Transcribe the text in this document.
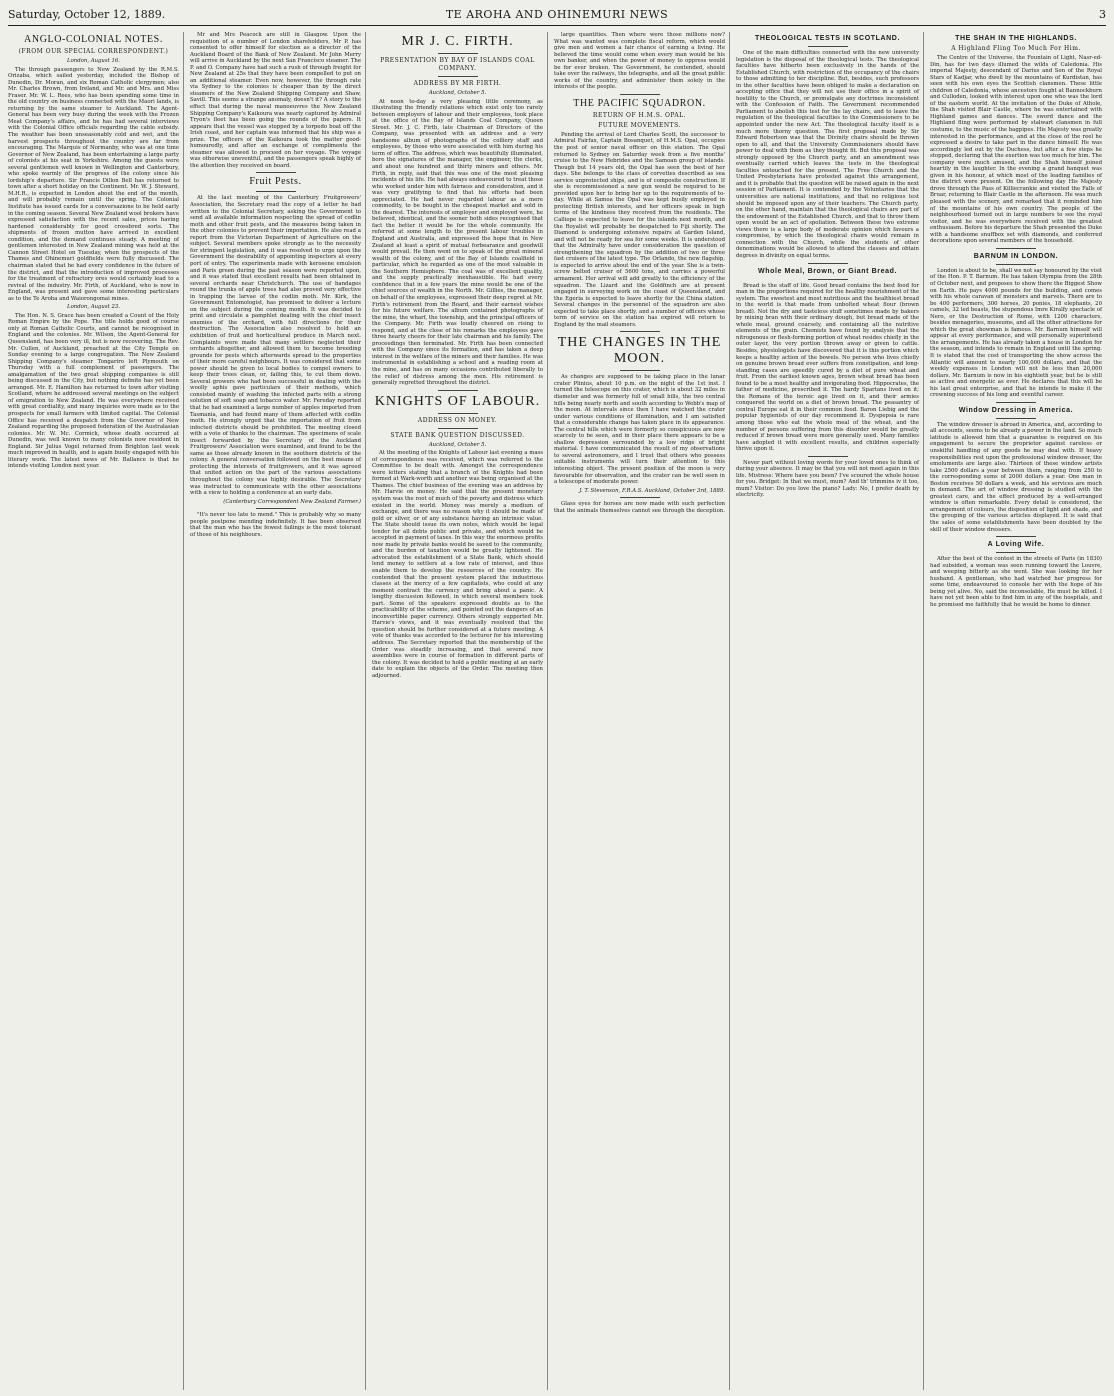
Saturday, October 12, 1889.	TE AROHA AND OHINEMURI NEWS	3
ANGLO-COLONIAL NOTES.
(FROM OUR SPECIAL CORRESPONDENT.)
London, August 16.

The through passengers to New Zealand by the R.M.S. Orizaba, which sailed yesterday, included the Bishop of Dunedin, Dr. Moran, and six Roman Catholic clergymen; also Mr. Charles Brown, from Ireland, and Mr. and Mrs. and Miss Fraser. Mr. W. L. Rees, who has been spending some time in the old country on business connected with the Maori lands, is returning by the same steamer to Auckland. The Agent-General has been very busy during the week with the Frozen Meat Company's affairs, and he has had several interviews with the Colonial Office officials regarding the cable subsidy. The weather has been unseasonably cold and wet, and the harvest prospects throughout the country are far from encouraging. The Marquis of Normanby, who was at one time Governor of New Zealand, has been entertaining a large party of colonists at his seat in Yorkshire. Among the guests were several gentlemen well known in Wellington and Canterbury, who spoke warmly of the progress of the colony since his lordship's departure. Sir Francis Dillon Bell has returned to town after a short holiday on the Continent. Mr. W. J. Steward, M.H.R., is expected in London about the end of the month, and will probably remain until the spring. The Colonial Institute has issued cards for a conversazione to be held early in the coming season. Several New Zealand wool brokers have expressed satisfaction with the recent sales, prices having hardened considerably for good crossbred sorts. The shipments of frozen mutton have arrived in excellent condition, and the demand continues steady. A meeting of gentlemen interested in New Zealand mining was held at the Cannon Street Hotel on Tuesday, when the prospects of the Thames and Ohinemuri goldfields were fully discussed. The chairman stated that he had every confidence in the future of the district, and that the introduction of improved processes for the treatment of refractory ores would certainly lead to a revival of the industry. Mr. Firth, of Auckland, who is now in England, was present and gave some interesting particulars as to the Te Aroha and Waiorongomai mines.

London, August 23.

The Hon. N. S. Grace has been created a Count of the Holy Roman Empire by the Pope. The title holds good of course only at Roman Catholic Courts, and cannot be recognised in England and the colonies. Mr. Wilson, the Agent-General for Queensland, has been very ill, but is now recovering. The Rev. Mr. Cullen, of Auckland, preached at the City Temple on Sunday evening to a large congregation. The New Zealand Shipping Company's steamer Tongariro left Plymouth on Thursday with a full complement of passengers. The amalgamation of the two great shipping companies is still being discussed in the City, but nothing definite has yet been arranged. Mr. E. Hamilton has returned to town after visiting Scotland, where he addressed several meetings on the subject of emigration to New Zealand. He was everywhere received with great cordiality, and many inquiries were made as to the prospects for small farmers with limited capital. The Colonial Office has received a despatch from the Governor of New Zealand regarding the proposed federation of the Australasian colonies. Mr. W. Mc. Cormick, whose death occurred at Dunedin, was well known to many colonists now resident in England. Sir Julius Vogel returned from Brighton last week much improved in health, and is again busily engaged with his literary work. The latest news of Mr. Ballance is that he intends visiting London next year.

Mr and Mrs Peacock are still in Glasgow. Upon the requisition of a number of London shareholders, Mr P. has consented to offer himself for election as a director of the Auckland Board of the Bank of New Zealand. Mr John Merry will arrive in Auckland by the next San Francisco steamer. The P. and O. Company have had such a rush of through freight for New Zealand at 25s that they have been compelled to put on an additional steamer. Even now, however, the through rate via Sydney to the colonies is cheaper than by the direct steamers of the New Zealand Shipping Company and Shaw, Savill. This seems a strange anomaly, doesn't it? A story to the effect that during the naval manoeuvres the New Zealand Shipping Company's Kaikoura was nearly captured by Admiral Tryon's fleet has been going the rounds of the papers. It appears that the vessel was stopped by a torpedo boat off the Irish coast, and her captain was informed that his ship was a prize. The officers of the Kaikoura took the matter good-humouredly, and after an exchange of compliments the steamer was allowed to proceed on her voyage. The voyage was otherwise uneventful, and the passengers speak highly of the attention they received on board.

Fruit Pests.

At the last meeting of the Canterbury Fruitgrowers' Association, the Secretary read the copy of a letter he had written to the Colonial Secretary, asking the Government to send all available information respecting the spread of codlin moth and other fruit pests, and the measures being taken in the other colonies to prevent their importation. He also read a report from the Victorian Department of Agriculture on the subject. Several members spoke strongly as to the necessity for stringent legislation, and it was resolved to urge upon the Government the desirability of appointing inspectors at every port of entry. The experiments made with kerosene emulsion and Paris green during the past season were reported upon, and it was stated that excellent results had been obtained in several orchards near Christchurch. The use of bandages round the trunks of apple trees had also proved very effective in trapping the larvae of the codlin moth. Mr. Kirk, the Government Entomologist, has promised to deliver a lecture on the subject during the coming month. It was decided to print and circulate a pamphlet dealing with the chief insect enemies of the orchard, with full directions for their destruction. The Association also resolved to hold an exhibition of fruit and horticultural produce in March next. Complaints were made that many settlers neglected their orchards altogether, and allowed them to become breeding grounds for pests which afterwards spread to the properties of their more careful neighbours. It was considered that some power should be given to local bodies to compel owners to keep their trees clean, or, failing this, to cut them down. Several growers who had been successful in dealing with the woolly aphis gave particulars of their methods, which consisted mainly of washing the infected parts with a strong solution of soft soap and tobacco water. Mr. Fereday reported that he had examined a large number of apples imported from Tasmania, and had found many of them affected with codlin moth. He strongly urged that the importation of fruit from infected districts should be prohibited. The meeting closed with a vote of thanks to the chairman. The specimens of scale insect forwarded by the Secretary of the Auckland Fruitgrowers' Association were examined, and found to be the same as those already known in the southern districts of the colony. A general conversation followed on the best means of protecting the interests of fruitgrowers, and it was agreed that united action on the part of the various associations throughout the colony was highly desirable. The Secretary was instructed to communicate with the other associations with a view to holding a conference at an early date.

(Canterbury Correspondent New Zealand Farmer.)

"It's never too late to mend." This is probably why so many people postpone mending indefinitely. It has been observed that the man who has the fewest failings is the most tolerant of those of his neighbours.

MR J. C. FIRTH.
PRESENTATION BY BAY OF ISLANDS COAL COMPANY.
ADDRESS BY MR FIRTH.
Auckland, October 5.

At noon to-day a very pleasing little ceremony, as illustrating the friendly relations which exist only too rarely between employers of labour and their employees, took place at the office of the Bay of Islands Coal Company, Queen Street. Mr. J. C. Firth, late Chairman of Directors of the Company, was presented with an address and a very handsome album of photographs of the colliery staff and employees, by those who were associated with him during his term of office. The address, which was beautifully illuminated, bore the signatures of the manager, the engineer, the clerks, and about one hundred and thirty miners and others. Mr. Firth, in reply, said that this was one of the most pleasing incidents of his life. He had always endeavoured to treat those who worked under him with fairness and consideration, and it was very gratifying to find that his efforts had been appreciated. He had never regarded labour as a mere commodity, to be bought in the cheapest market and sold in the dearest. The interests of employer and employed were, he believed, identical, and the sooner both sides recognised that fact the better it would be for the whole community. He referred at some length to the present labour troubles in England and Australia, and expressed the hope that in New Zealand at least a spirit of mutual forbearance and goodwill would prevail. He then went on to speak of the great mineral wealth of the colony, and of the Bay of Islands coalfield in particular, which he regarded as one of the most valuable in the Southern Hemisphere. The coal was of excellent quality, and the supply practically inexhaustible. He had every confidence that in a few years the mine would be one of the chief sources of wealth in the North. Mr. Gillies, the manager, on behalf of the employees, expressed their deep regret at Mr. Firth's retirement from the Board, and their earnest wishes for his future welfare. The album contained photographs of the mine, the wharf, the township, and the principal officers of the Company. Mr. Firth was loudly cheered on rising to respond, and at the close of his remarks the employees gave three hearty cheers for their late chairman and his family. The proceedings then terminated. Mr. Firth has been connected with the Company since its formation, and has taken a deep interest in the welfare of the miners and their families. He was instrumental in establishing a school and a reading room at the mine, and has on many occasions contributed liberally to the relief of distress among the men. His retirement is generally regretted throughout the district.

KNIGHTS OF LABOUR.
ADDRESS ON MONEY.
STATE BANK QUESTION DISCUSSED.
Auckland, October 5.

At the meeting of the Knights of Labour last evening a mass of correspondence was received, which was referred to the Committee to be dealt with. Amongst the correspondence were letters stating that a branch of the Knights had been formed at Wark-worth and another was being organised at the Thames. The chief business of the evening was an address by Mr. Harvie on money. He said that the present monetary system was the root of much of the poverty and distress which existed in the world. Money was merely a medium of exchange, and there was no reason why it should be made of gold or silver, or of any substance having an intrinsic value. The State should issue its own notes, which would be legal tender for all debts public and private, and which would be accepted in payment of taxes. In this way the enormous profits now made by private banks would be saved to the community, and the burden of taxation would be greatly lightened. He advocated the establishment of a State Bank, which should lend money to settlers at a low rate of interest, and thus enable them to develop the resources of the country. He contended that the present system placed the industrious classes at the mercy of a few capitalists, who could at any moment contract the currency and bring about a panic. A lengthy discussion followed, in which several members took part. Some of the speakers expressed doubts as to the practicability of the scheme, and pointed out the dangers of an inconvertible paper currency. Others strongly supported Mr. Harvie's views, and it was eventually resolved that the question should be further considered at a future meeting. A vote of thanks was accorded to the lecturer for his interesting address. The Secretary reported that the membership of the Order was steadily increasing, and that several new assemblies were in course of formation in different parts of the colony. It was decided to hold a public meeting at an early date to explain the objects of the Order. The meeting then adjourned.

large quantities. Then where were those millions now? What was wanted was complete fiscal reform, which would give men and women a fair chance of earning a living. He believed the time would come when every man would be his own banker, and when the power of money to oppress would be for ever broken. The Government, he contended, should take over the railways, the telegraphs, and all the great public works of the country, and administer them solely in the interests of the people.

THE PACIFIC SQUADRON.
RETURN OF H.M.S. OPAL.
FUTURE MOVEMENTS.

Pending the arrival of Lord Charles Scott, the successor to Admiral Fairfax, Captain Bosanquet, of H.M.S. Opal, occupies the post of senior naval officer on this station. The Opal returned to Sydney on Saturday week from a five months' cruise to the New Hebrides and the Samoan group of islands. Though but 14 years old, the Opal has seen the best of her days. She belongs to the class of corvettes described as sea service unprotected ships, and is of composite construction. If she is recommissioned a new gun would be required to be provided upon her to bring her up to the requirements of to-day. While at Samoa the Opal was kept busily employed in protecting British interests, and her officers speak in high terms of the kindness they received from the residents. The Calliope is expected to leave for the islands next month, and the Royalist will probably be despatched to Fiji shortly. The Diamond is undergoing extensive repairs at Garden Island, and will not be ready for sea for some weeks. It is understood that the Admiralty have under consideration the question of strengthening the squadron by the addition of two or three fast cruisers of the latest type. The Orlando, the new flagship, is expected to arrive about the end of the year. She is a twin-screw belted cruiser of 5600 tons, and carries a powerful armament. Her arrival will add greatly to the efficiency of the squadron. The Lizard and the Goldfinch are at present engaged in surveying work on the coast of Queensland, and the Egeria is expected to leave shortly for the China station. Several changes in the personnel of the squadron are also expected to take place shortly, and a number of officers whose term of service on the station has expired will return to England by the mail steamers.

THE CHANGES IN THE MOON.

As changes are supposed to be taking place in the lunar crater Plinius, about 10 p.m. on the night of the 1st inst. I turned the telescope on this crater, which is about 32 miles in diameter and was formerly full of small hills, the two central hills being nearly north and south according to Webb's map of the moon. At intervals since then I have watched the crater under various conditions of illumination, and I am satisfied that a considerable change has taken place in its appearance. The central hills which were formerly so conspicuous are now scarcely to be seen, and in their place there appears to be a shallow depression surrounded by a low ridge of bright material. I have communicated the result of my observations to several astronomers, and I trust that others who possess suitable instruments will turn their attention to this interesting object. The present position of the moon is very favourable for observation, and the crater can be well seen in a telescope of moderate power.

J. T. Stevenson, F.R.A.S. Auckland, October 3rd, 1889.

Glass eyes for horses are now made with such perfection that the animals themselves cannot see through the deception.

THEOLOGICAL TESTS IN SCOTLAND.

One of the main difficulties connected with the new university legislation is the disposal of the theological tests. The theological faculties have hitherto been exclusively in the hands of the Established Church, with restriction of the occupancy of the chairs to those admitting to her discipline. But, besides, such professors in the other faculties have been obliged to make a declaration on accepting office that they will not use their office in a spirit of hostility to the Church, or promulgate any doctrines inconsistent with the Confession of Faith. The Government recommended Parliament to abolish this test for the lay chairs, and to leave the regulation of the theological faculties to the Commissioners to be appointed under the new Act. The theological faculty itself is a much more thorny question. The first proposal made by Sir Edward Robertson was that the Divinity chairs should be thrown open to all, and that the University Commissioners should have power to deal with them as they thought fit. But this proposal was strongly opposed by the Church party, and an amendment was eventually carried which leaves the tests in the theological faculties untouched for the present. The Free Church and the United Presbyterians have protested against this arrangement, and it is probable that the question will be raised again in the next session of Parliament. It is contended by the Voluntaries that the universities are national institutions, and that no religious test should be imposed upon any of their teachers. The Church party, on the other hand, maintain that the theological chairs are part of the endowment of the Established Church, and that to throw them open would be an act of spoliation. Between these two extreme views there is a large body of moderate opinion which favours a compromise, by which the theological chairs would remain in connection with the Church, while the students of other denominations would be allowed to attend the classes and obtain degrees in divinity on equal terms.

Whole Meal, Brown, or Giant Bread.

Bread is the staff of life. Good bread contains the best food for man in the proportions required for the healthy nourishment of the system. The sweetest and most nutritious and the healthiest bread in the world is that made from unbolted wheat flour (brown bread). Not the dry and tasteless stuff sometimes made by bakers by mixing bran with their ordinary dough, but bread made of the whole meal, ground coarsely, and containing all the nutritive elements of the grain. Chemists have found by analysis that the nitrogenous or flesh-forming portion of wheat resides chiefly in the outer layer, the very portion thrown away or given to cattle. Besides, physiologists have discovered that it is this portion which keeps a healthy action of the bowels. No person who lives chiefly on genuine brown bread ever suffers from constipation, and long-standing cases are speedily cured by a diet of pure wheat and fruit. From the earliest known ages, brown wheat bread has been found to be a most healthy and invigorating food. Hippocrates, the father of medicine, prescribed it. The hardy Spartans lived on it; the Romans of the heroic age lived on it, and their armies conquered the world on a diet of brown bread. The peasantry of central Europe eat it in their common food. Baron Liebig and the popular hygienists of our day recommend it. Dyspepsia is rare among those who eat the whole meal of the wheat, and the number of persons suffering from this disorder would be greatly reduced if brown bread were more generally used. Many families have adopted it with excellent results, and children especially thrive upon it.

Never part without loving words for your loved ones to think of during your absence. It may be that you will not meet again in this life. Mistress: Where have you been? I've scoured the whole house for you. Bridget: In that we must, mum? And th' trimmins iv it too, mum? Visitor: Do you love the piano? Lady: No, I prefer death by electricity.

THE SHAH IN THE HIGHLANDS.
A Highland Fling Too Much For Him.

The Centre of the Universe, the Fountain of Light, Nasr-ed-Din, has for two days illumed the wilds of Caledonia. His imperial Majesty, descendant of Darius and Son of the Royal Stars of Kadjar, who dwell by the mountains of Kurdistan, has seen with his own eyes the Scottish clansmen. These little children of Caledonia, whose ancestors fought at Bannockburn and Culloden, looked with interest upon one who was the lord of the eastern world. At the invitation of the Duke of Athole, the Shah visited Blair Castle, where he was entertained with Highland games and dances. The sword dance and the Highland fling were performed by stalwart clansmen in full costume, to the music of the bagpipes. His Majesty was greatly interested in the performance, and at the close of the reel he expressed a desire to take part in the dance himself. He was accordingly led out by the Duchess, but after a few steps he stopped, declaring that the exertion was too much for him. The company were much amused, and the Shah himself joined heartily in the laughter. In the evening a grand banquet was given in his honour, at which most of the leading families of the district were present. On the following day His Majesty drove through the Pass of Killiecrankie and visited the Falls of Bruar, returning to Blair Castle in the afternoon. He was much pleased with the scenery, and remarked that it reminded him of the mountains of his own country. The people of the neighbourhood turned out in large numbers to see the royal visitor, and he was everywhere received with the greatest enthusiasm. Before his departure the Shah presented the Duke with a handsome snuffbox set with diamonds, and conferred decorations upon several members of the household.

BARNUM IN LONDON.

London is about to be, shall we not say honoured by the visit of the Hon. P. T. Barnum. He has taken Olympia from the 28th of October next, and proposes to show there the Biggest Show on Earth. He pays 4000 pounds for the building, and comes with his whole caravan of monsters and marvels. There are to be 400 performers, 300 horses, 20 ponies, 18 elephants, 20 camels, 32 led beasts, the stupendous Imre Kiralfy spectacle of Nero, or the Destruction of Rome, with 1200 characters, besides menageries, museums, and all the other attractions for which the great showman is famous. Mr. Barnum himself will appear at every performance, and will personally superintend the arrangements. He has already taken a house in London for the season, and intends to remain in England until the spring. It is stated that the cost of transporting the show across the Atlantic will amount to nearly 100,000 dollars, and that the weekly expenses in London will not be less than 20,000 dollars. Mr. Barnum is now in his eightieth year, but he is still as active and energetic as ever. He declares that this will be his last great enterprise, and that he intends to make it the crowning success of his long and eventful career.

Window Dressing in America.

The window dresser is abroad in America, and, according to all accounts, seems to be already a power in the land. So much latitude is allowed him that a guarantee is required on his engagement to secure the proprietor against careless or unskilful handling of any goods he may deal with. If heavy responsibilities rest upon the professional window dresser, the emoluments are large also. Thirteen of these window artists take 2500 dollars a year between them, ranging from 250 to the corresponding sums of 2000 dollars a year. One man in Boston receives 50 dollars a week, and his services are much in demand. The art of window dressing is studied with the greatest care, and the effect produced by a well-arranged window is often remarkable. Every detail is considered, the arrangement of colours, the disposition of light and shade, and the grouping of the various articles displayed. It is said that the sales of some establishments have been doubled by the skill of their window dressers.

A Loving Wife.

After the best of the contest in the streets of Paris (in 1830) had subsided, a woman was seen running toward the Louvre, and weeping bitterly as she went. She was looking for her husband. A gentleman, who had watched her progress for some time, endeavoured to console her with the hope of his being yet alive. No, said the inconsolable, He must be killed. I have not yet been able to find him in any of the hospitals, and he promised me faithfully that he would be home to dinner.
